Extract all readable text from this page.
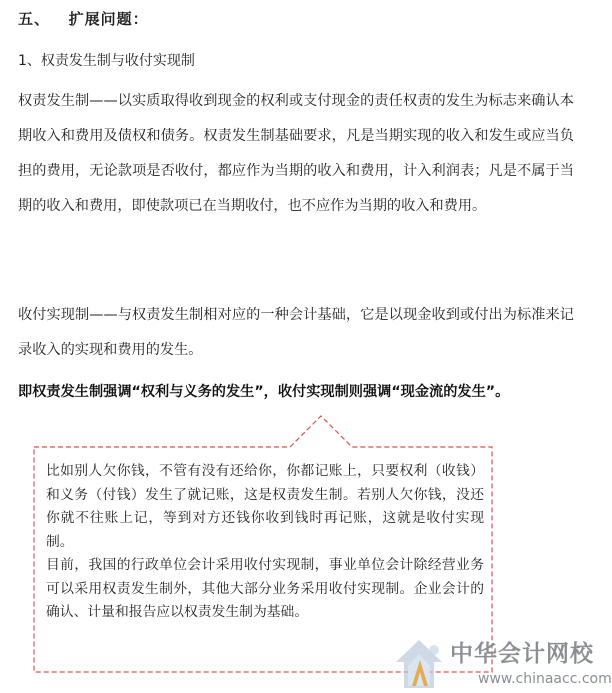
五、   扩展问题：
1、权责发生制与收付实现制

权责发生制——以实质取得收到现金的权利或支付现金的责任权责的发生为标志来确认本期收入和费用及债权和债务。权责发生制基础要求，凡是当期实现的收入和发生或应当负担的费用，无论款项是否收付，都应作为当期的收入和费用，计入利润表；凡是不属于当期的收入和费用，即使款项已在当期收付，也不应作为当期的收入和费用。

收付实现制——与权责发生制相对应的一种会计基础，它是以现金收到或付出为标准来记录收入的实现和费用的发生。

即权责发生制强调“权利与义务的发生”，收付实现制则强调“现金流的发生”。

比如别人欠你钱，不管有没有还给你，你都记账上，只要权利（收钱）和义务（付钱）发生了就记账，这是权责发生制。若别人欠你钱，没还你就不往账上记，等到对方还钱你收到钱时再记账，这就是收付实现制。

目前，我国的行政单位会计采用收付实现制，事业单位会计除经营业务可以采用权责发生制外，其他大部分业务采用收付实现制。企业会计的确认、计量和报告应以权责发生制为基础。

中华会计网校
www.chinaacc.com
